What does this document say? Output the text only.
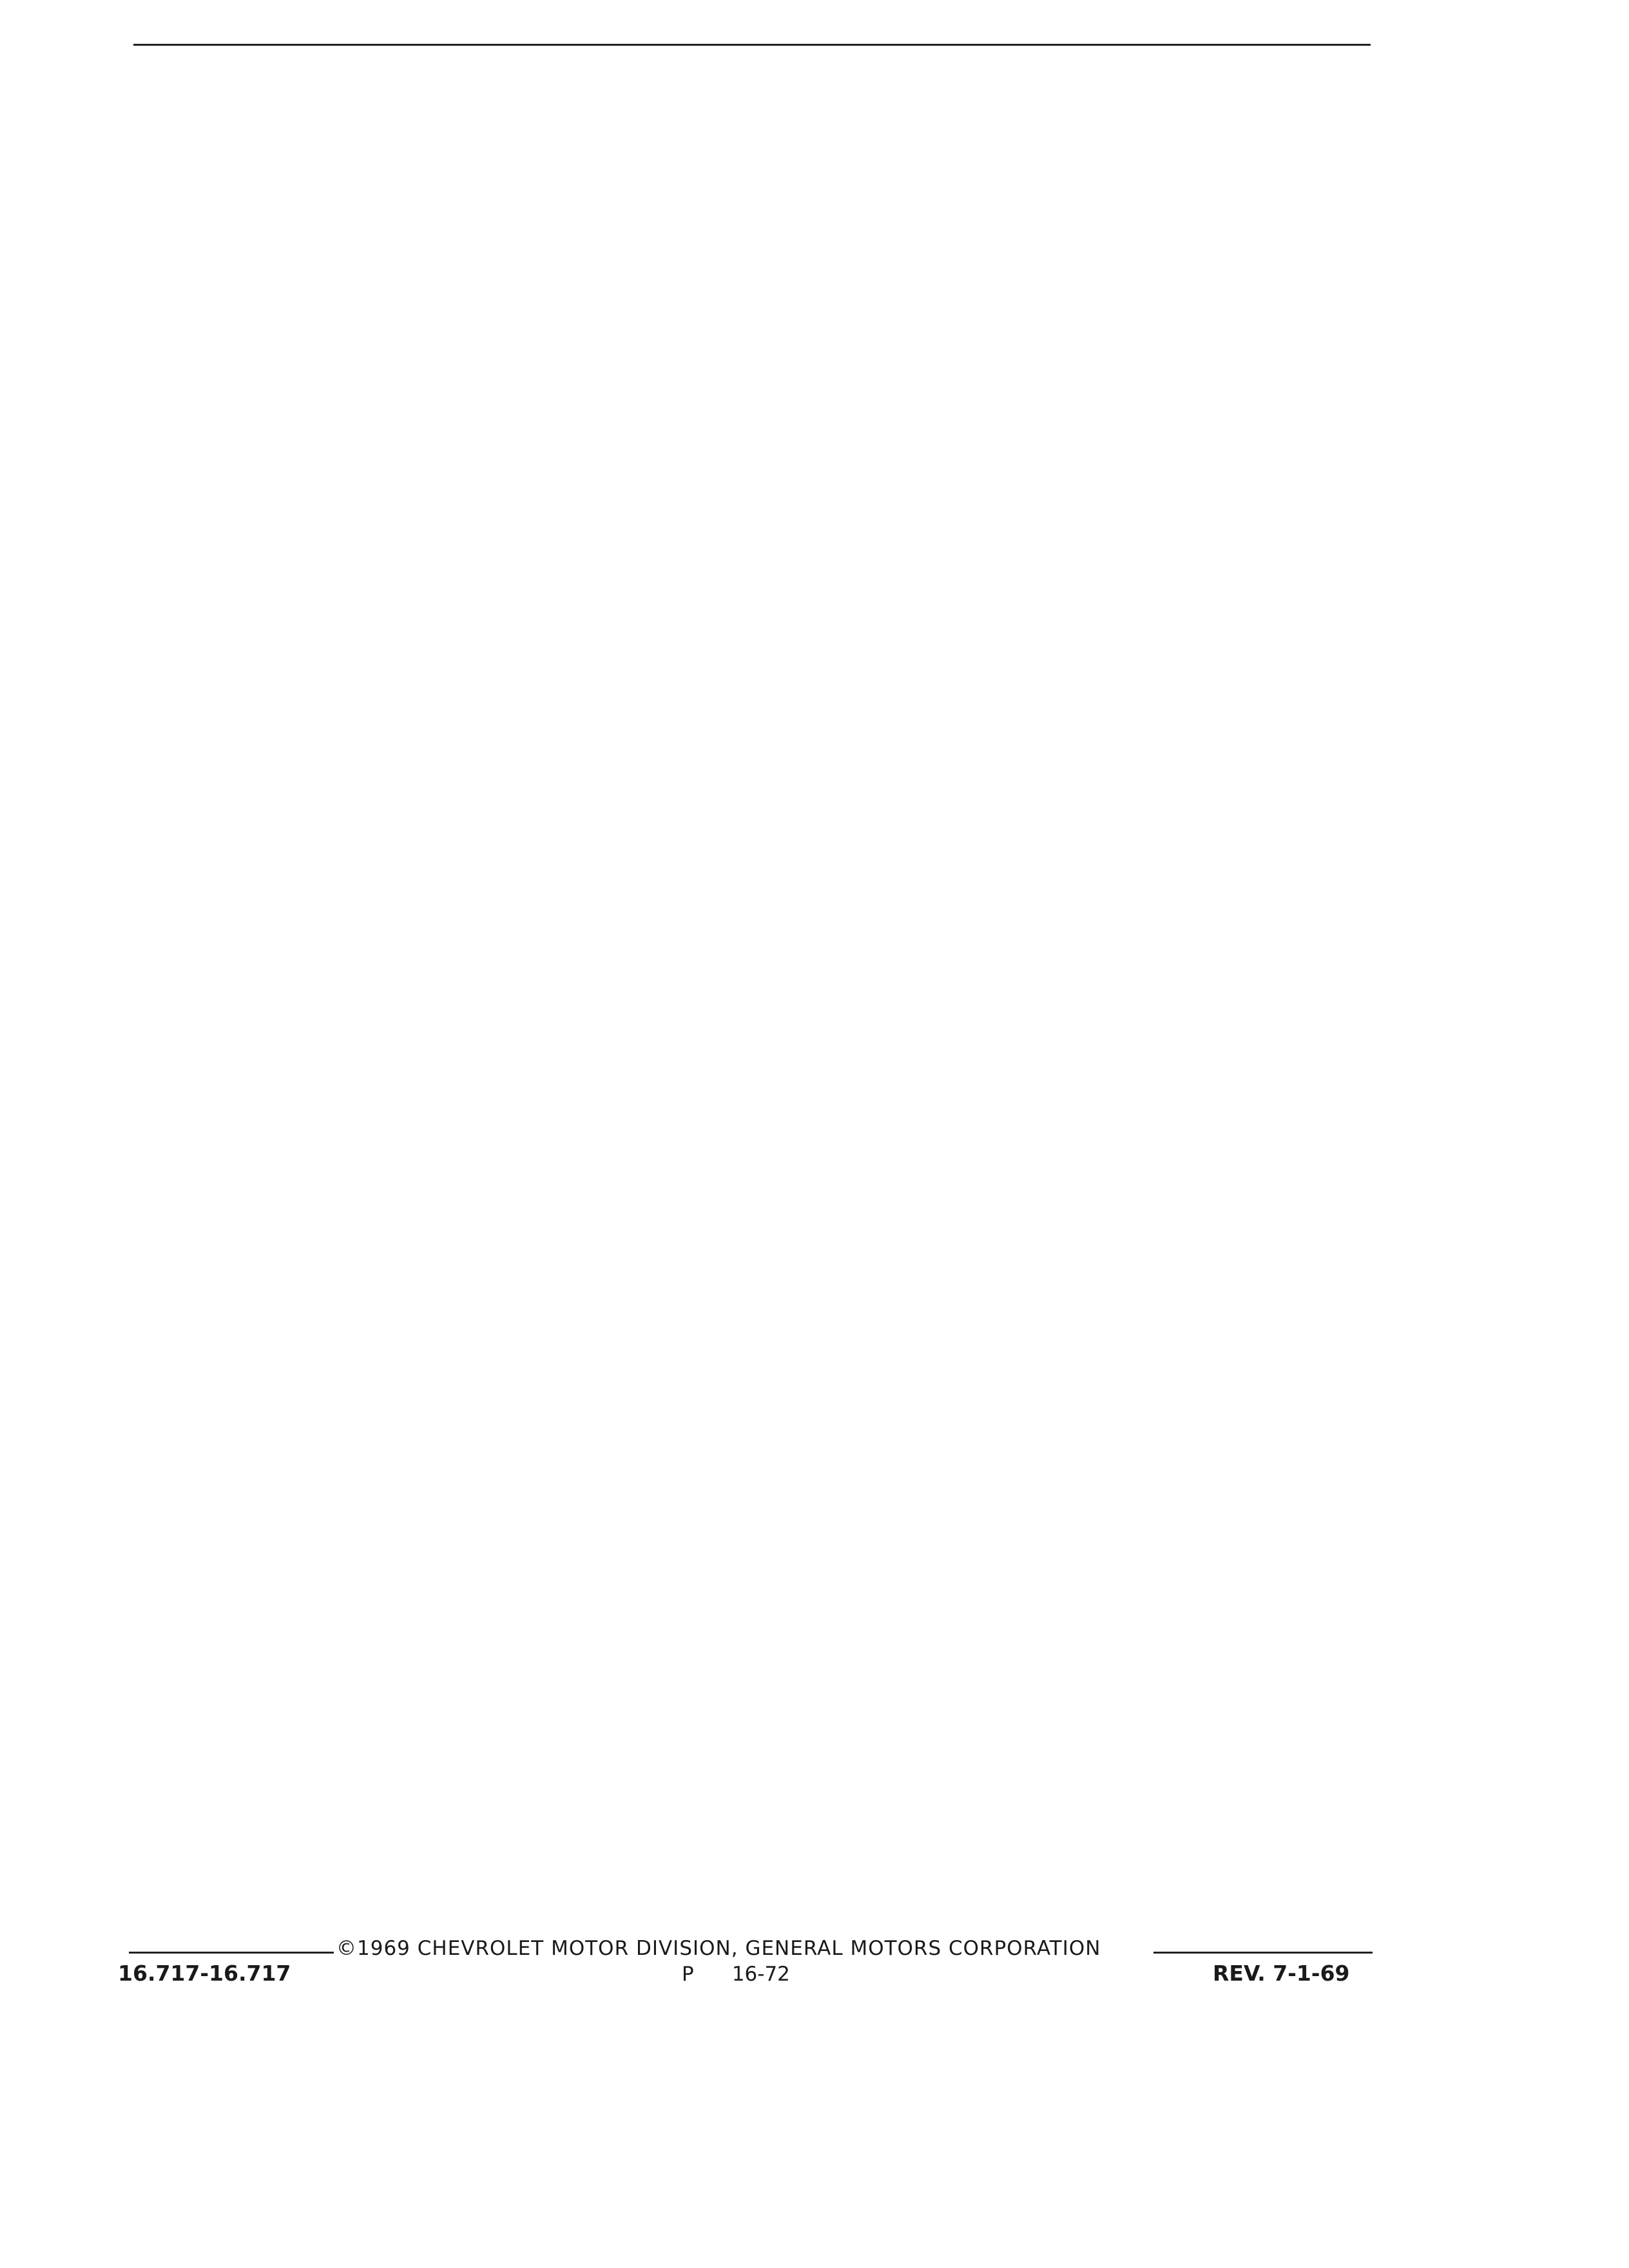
©1969 CHEVROLET MOTOR DIVISION, GENERAL MOTORS CORPORATION
16.717-16.717	P      16-72	REV. 7-1-69
